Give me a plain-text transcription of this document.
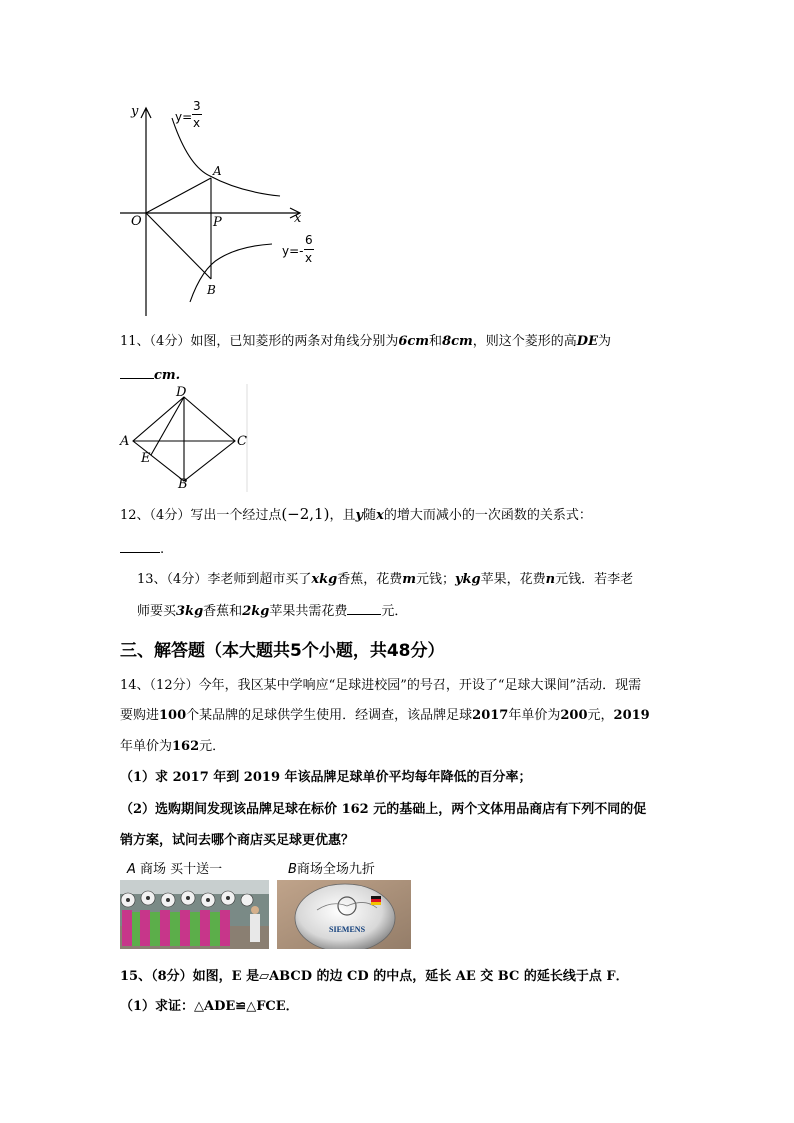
y
x
O	P
A
B
y=
3
x
y=-
6
x
11、（4分）如图，已知菱形的两条对角线分别为6cm和8cm，则这个菱形的高DE为
cm.
D
A	C
E
B
12、（4分）写出一个经过点(−2,1)，且y随x的增大而减小的一次函数的关系式：
.
13、（4分）李老师到超市买了xkg香蕉，花费m元钱；ykg苹果，花费n元钱．若李老
师要买3kg香蕉和2kg苹果共需花费	元．
三、解答题（本大题共5个小题，共48分）
14、（12分）今年，我区某中学响应“足球进校园”的号召，开设了“足球大课间”活动．现需
要购进100个某品牌的足球供学生使用．经调查，该品牌足球2017年单价为200元，2019
年单价为162元．
（1）求 2017 年到 2019 年该品牌足球单价平均每年降低的百分率；
（2）选购期间发现该品牌足球在标价 162 元的基础上，两个文体用品商店有下列不同的促
销方案，试问去哪个商店买足球更优惠？
A 商场 买十送一	B商场全场九折
SIEMENS
15、（8分）如图，E 是▱ABCD 的边 CD 的中点，延长 AE 交 BC 的延长线于点 F．
（1）求证：△ADE≌△FCE．
